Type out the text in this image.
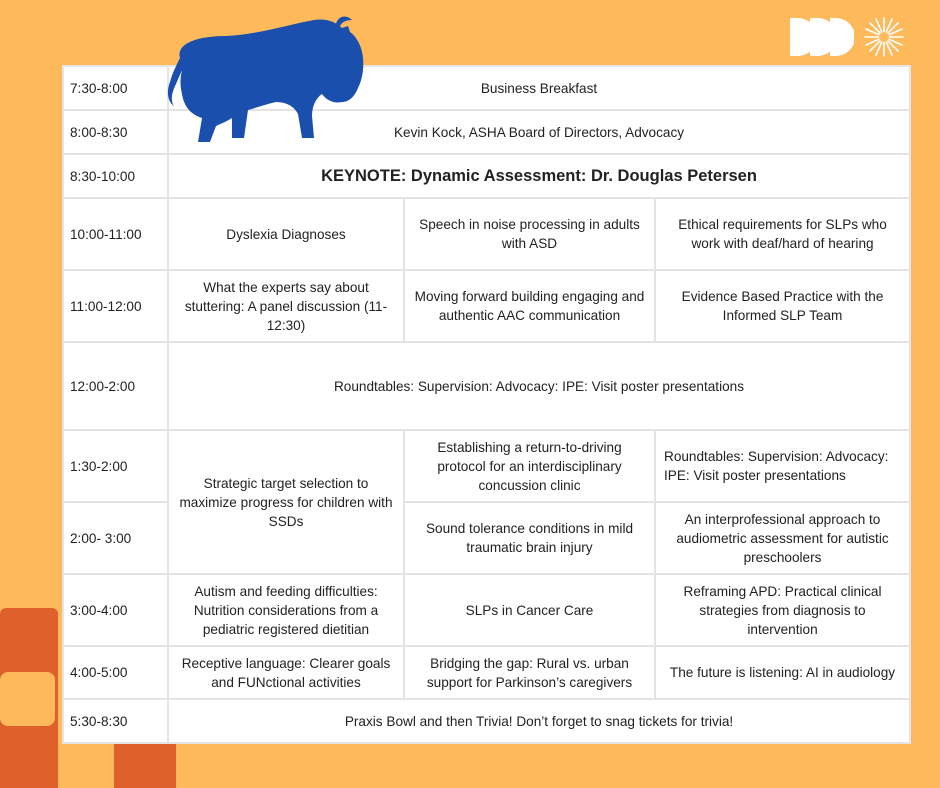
7:30-8:00	Business Breakfast		
8:00-8:30	Kevin Kock, ASHA Board of Directors, Advocacy		
8:30-10:00	KEYNOTE: Dynamic Assessment: Dr. Douglas Petersen		
10:00-11:00	Dyslexia Diagnoses	Speech in noise processing in adults with ASD	Ethical requirements for SLPs who work with deaf/hard of hearing
11:00-12:00	What the experts say about stuttering: A panel discussion (11-12:30)	Moving forward building engaging and authentic AAC communication	Evidence Based Practice with the Informed SLP Team
12:00-2:00	Roundtables: Supervision: Advocacy: IPE: Visit poster presentations		
1:30-2:00	Strategic target selection to maximize progress for children with SSDs	Establishing a return-to-driving protocol for an interdisciplinary concussion clinic	Roundtables: Supervision: Advocacy: IPE: Visit poster presentations
2:00- 3:00		Sound tolerance conditions in mild traumatic brain injury	An interprofessional approach to audiometric assessment for autistic preschoolers
3:00-4:00	Autism and feeding difficulties: Nutrition considerations from a pediatric registered dietitian	SLPs in Cancer Care	Reframing APD: Practical clinical strategies from diagnosis to intervention
4:00-5:00	Receptive language: Clearer goals and FUNctional activities	Bridging the gap: Rural vs. urban support for Parkinson’s caregivers	The future is listening: AI in audiology
5:30-8:30	Praxis Bowl and then Trivia! Don’t forget to snag tickets for trivia!		
